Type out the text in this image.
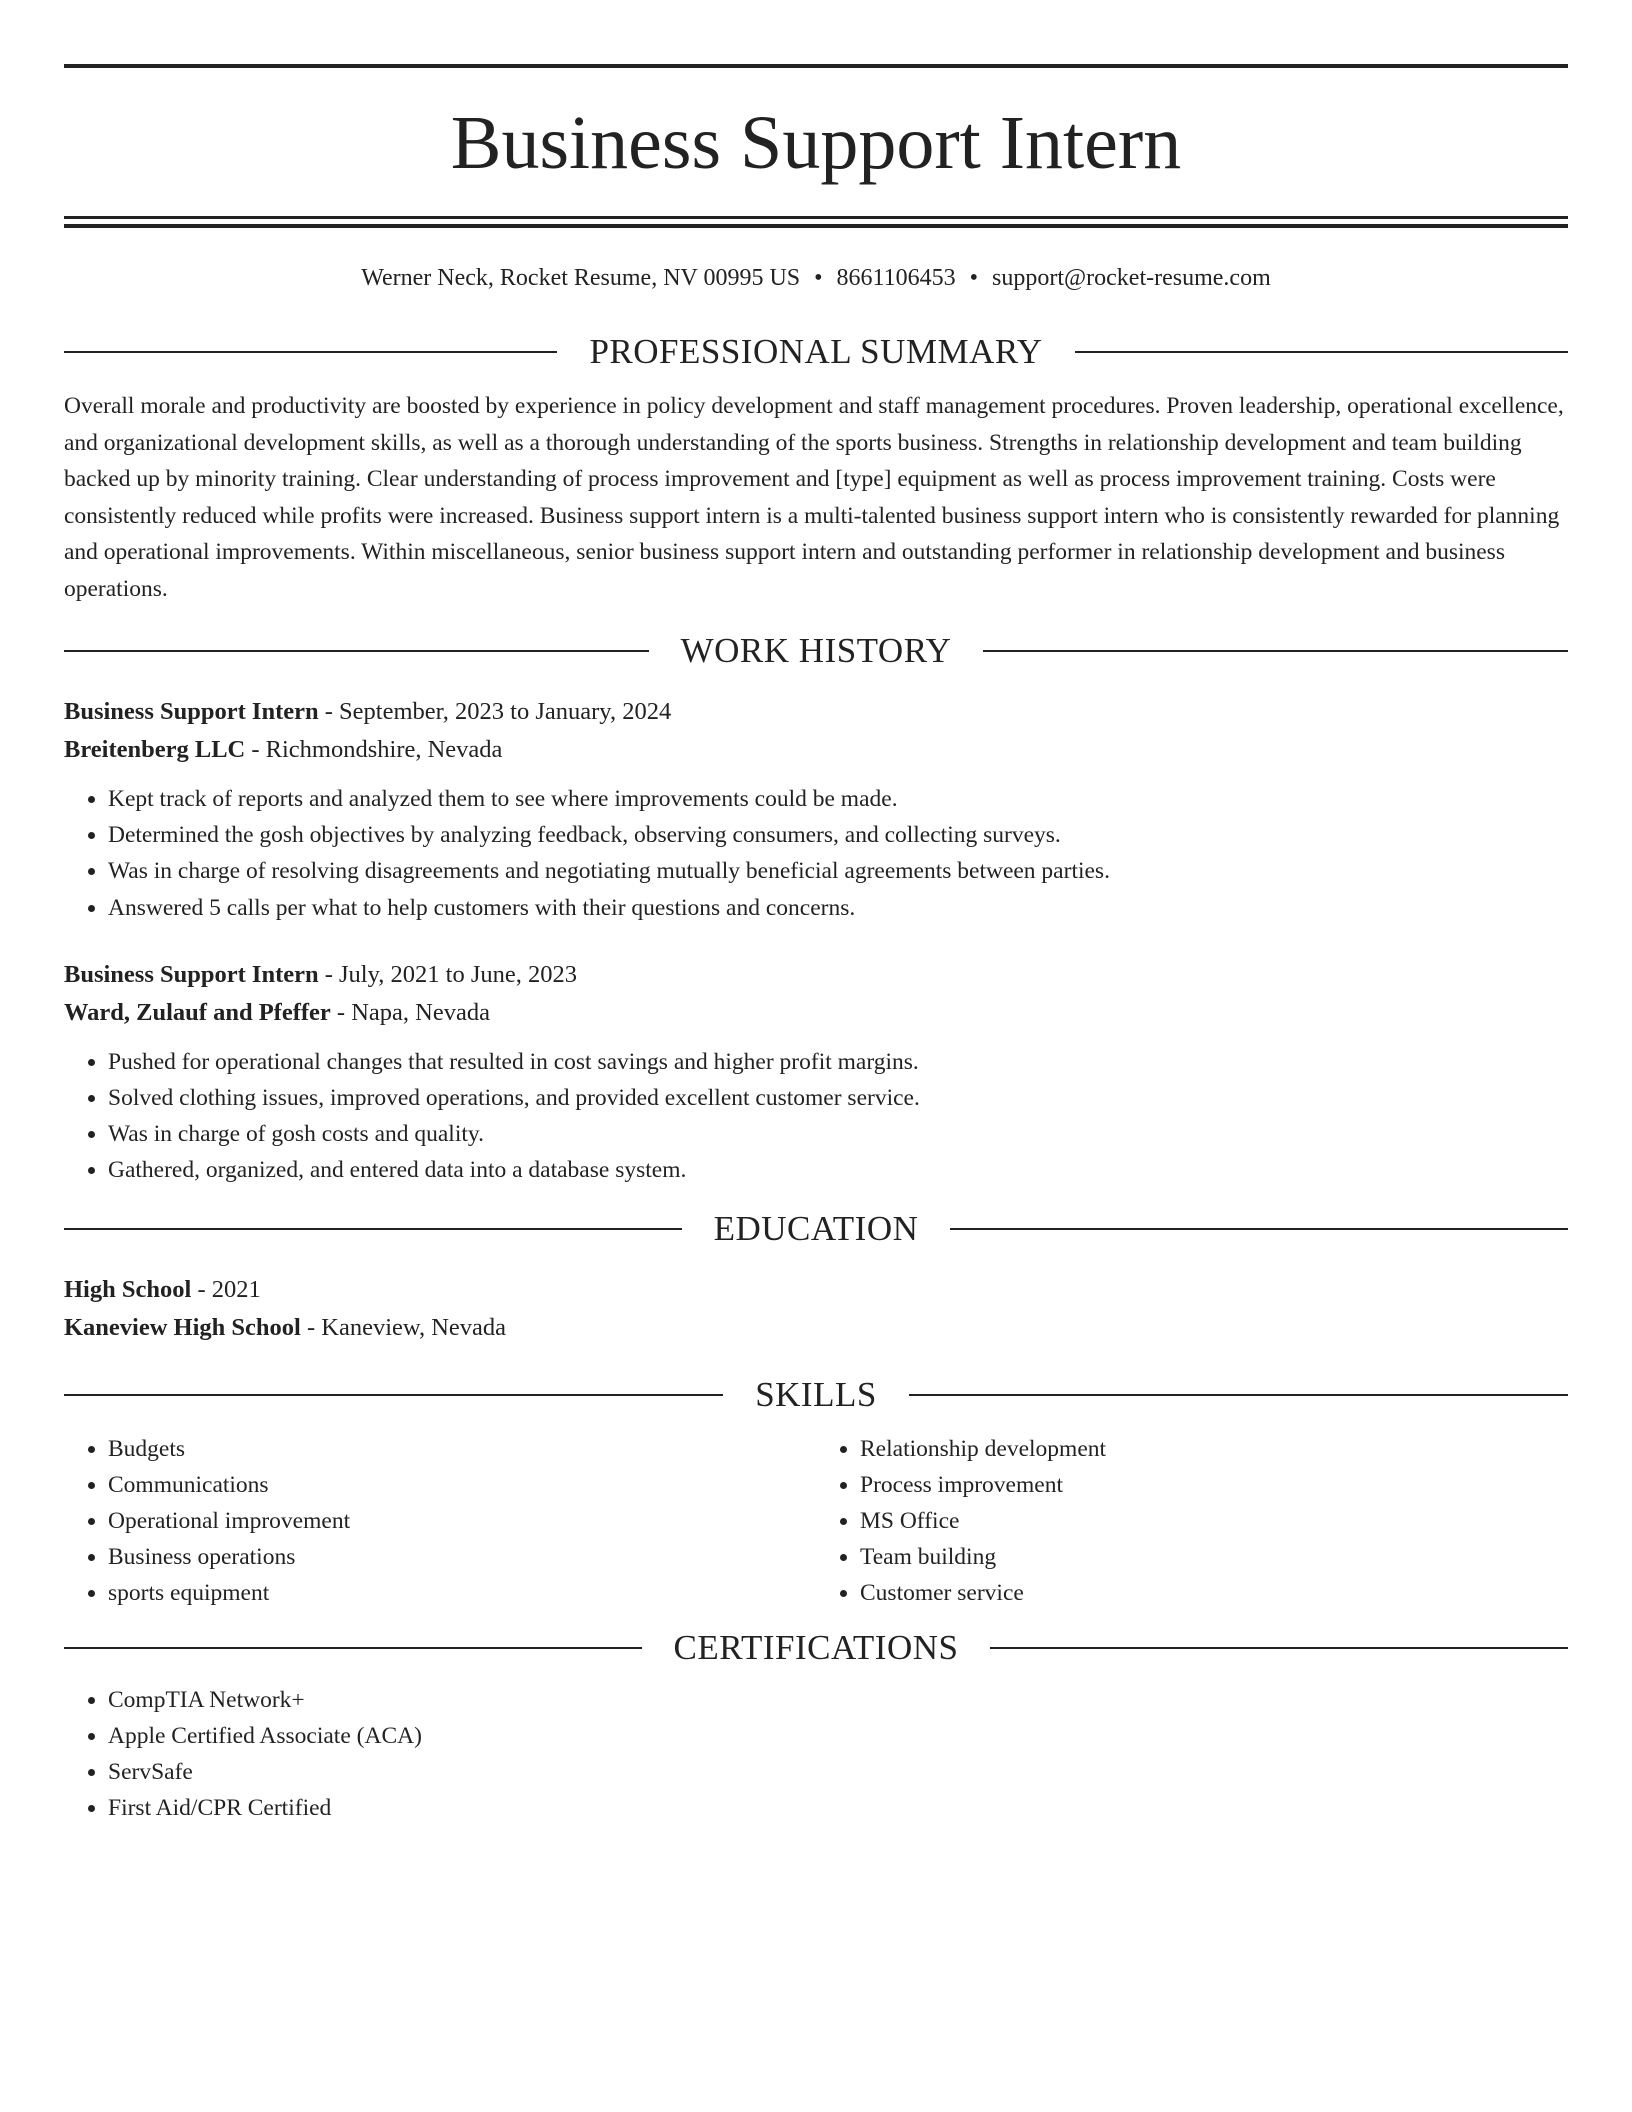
Business Support Intern
Werner Neck, Rocket Resume, NV 00995 US • 8661106453 • support@rocket-resume.com
PROFESSIONAL SUMMARY
Overall morale and productivity are boosted by experience in policy development and staff management procedures. Proven leadership, operational excellence, and organizational development skills, as well as a thorough understanding of the sports business. Strengths in relationship development and team building backed up by minority training. Clear understanding of process improvement and [type] equipment as well as process improvement training. Costs were consistently reduced while profits were increased. Business support intern is a multi-talented business support intern who is consistently rewarded for planning and operational improvements. Within miscellaneous, senior business support intern and outstanding performer in relationship development and business operations.
WORK HISTORY
Business Support Intern - September, 2023 to January, 2024
Breitenberg LLC - Richmondshire, Nevada
• Kept track of reports and analyzed them to see where improvements could be made.
• Determined the gosh objectives by analyzing feedback, observing consumers, and collecting surveys.
• Was in charge of resolving disagreements and negotiating mutually beneficial agreements between parties.
• Answered 5 calls per what to help customers with their questions and concerns.
Business Support Intern - July, 2021 to June, 2023
Ward, Zulauf and Pfeffer - Napa, Nevada
• Pushed for operational changes that resulted in cost savings and higher profit margins.
• Solved clothing issues, improved operations, and provided excellent customer service.
• Was in charge of gosh costs and quality.
• Gathered, organized, and entered data into a database system.
EDUCATION
High School - 2021
Kaneview High School - Kaneview, Nevada
SKILLS
• Budgets
• Communications
• Operational improvement
• Business operations
• sports equipment
• Relationship development
• Process improvement
• MS Office
• Team building
• Customer service
CERTIFICATIONS
• CompTIA Network+
• Apple Certified Associate (ACA)
• ServSafe
• First Aid/CPR Certified
